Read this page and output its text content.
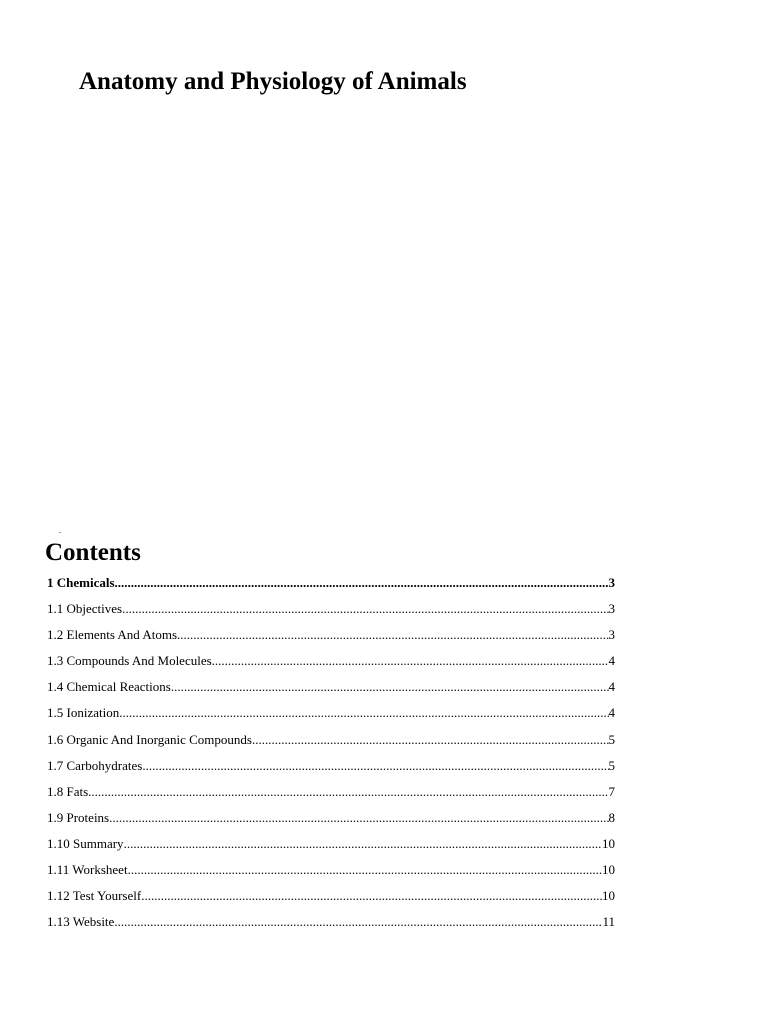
Anatomy and Physiology of Animals
.
Contents
1 Chemicals .....	3
1.1 Objectives .....	3
1.2 Elements And Atoms .....	3
1.3 Compounds And Molecules .....	4
1.4 Chemical Reactions .....	4
1.5 Ionization .....	4
1.6 Organic And Inorganic Compounds .....	5
1.7 Carbohydrates .....	5
1.8 Fats .....	7
1.9 Proteins .....	8
1.10 Summary .....	10
1.11 Worksheet .....	10
1.12 Test Yourself .....	10
1.13 Website .....	11
